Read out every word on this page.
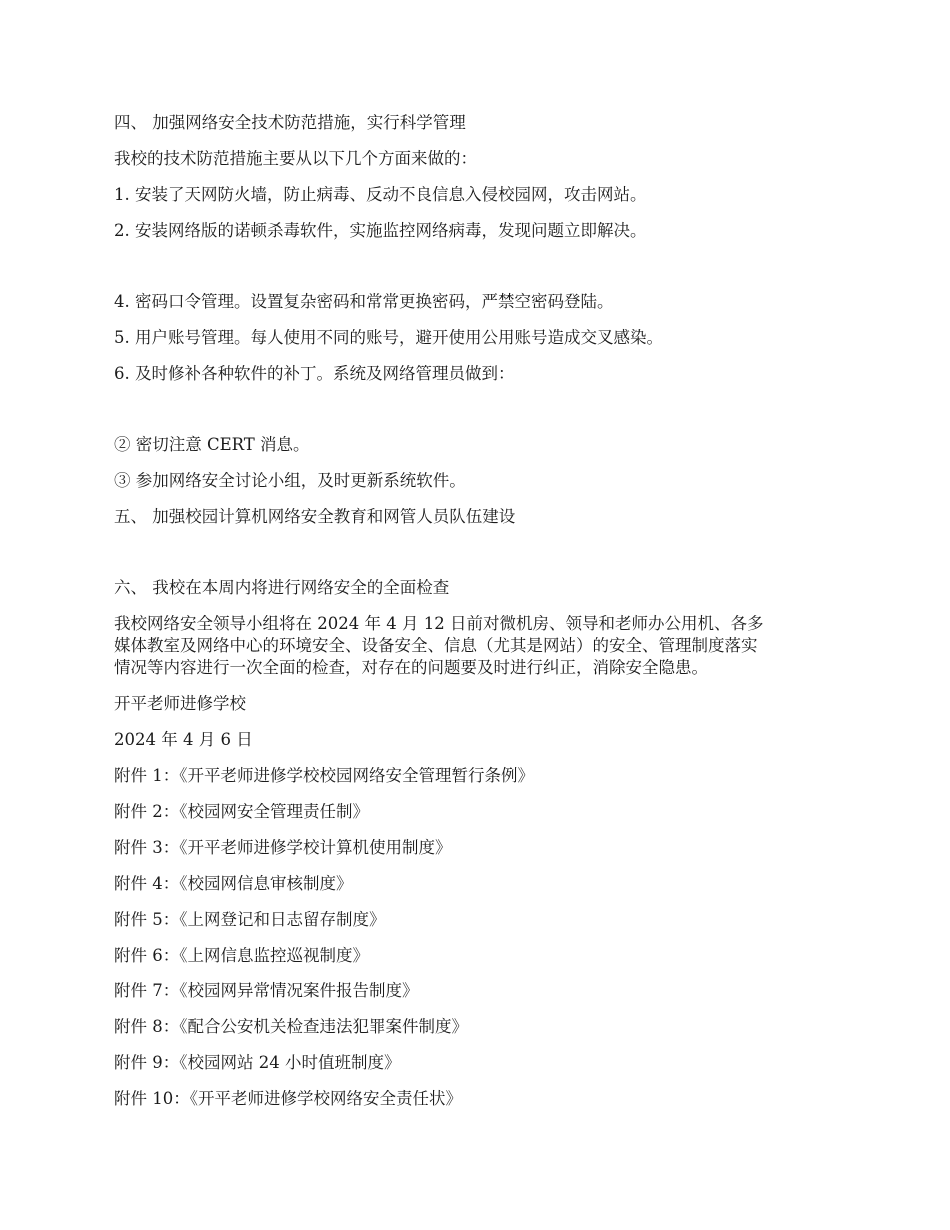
四、 加强网络安全技术防范措施，实行科学管理
我校的技术防范措施主要从以下几个方面来做的：
1. 安装了天网防火墙，防止病毒、反动不良信息入侵校园网，攻击网站。
2. 安装网络版的诺顿杀毒软件，实施监控网络病毒，发现问题立即解决。
4. 密码口令管理。设置复杂密码和常常更换密码，严禁空密码登陆。
5. 用户账号管理。每人使用不同的账号，避开使用公用账号造成交叉感染。
6. 及时修补各种软件的补丁。系统及网络管理员做到：
② 密切注意 CERT 消息。
③ 参加网络安全讨论小组，及时更新系统软件。
五、 加强校园计算机网络安全教育和网管人员队伍建设
六、 我校在本周内将进行网络安全的全面检查
我校网络安全领导小组将在 2024 年 4 月 12 日前对微机房、领导和老师办公用机、各多
媒体教室及网络中心的环境安全、设备安全、信息（尤其是网站）的安全、管理制度落实
情况等内容进行一次全面的检查，对存在的问题要及时进行纠正，消除安全隐患。
开平老师进修学校
2024 年 4 月 6 日
附件 1：《开平老师进修学校校园网络安全管理暂行条例》
附件 2：《校园网安全管理责任制》
附件 3：《开平老师进修学校计算机使用制度》
附件 4：《校园网信息审核制度》
附件 5：《上网登记和日志留存制度》
附件 6：《上网信息监控巡视制度》
附件 7：《校园网异常情况案件报告制度》
附件 8：《配合公安机关检查违法犯罪案件制度》
附件 9：《校园网站 24 小时值班制度》
附件 10：《开平老师进修学校网络安全责任状》
